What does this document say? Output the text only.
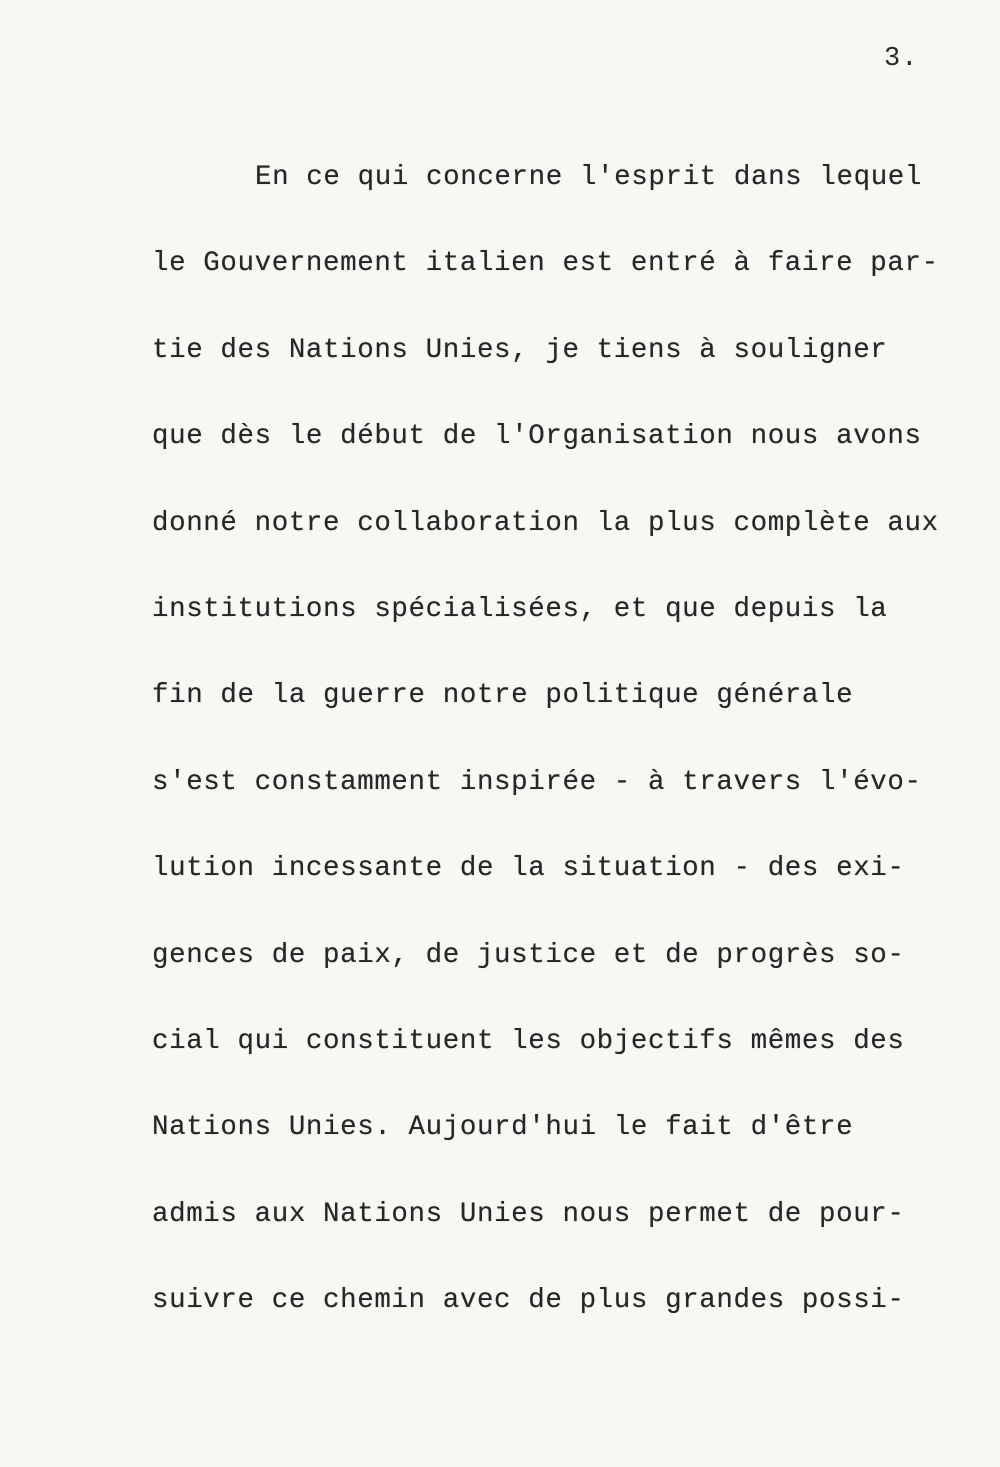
3.
En ce qui concerne l'esprit dans lequel
le Gouvernement italien est entré à faire par-
tie des Nations Unies, je tiens à souligner
que dès le début de l'Organisation nous avons
donné notre collaboration la plus complète aux
institutions spécialisées, et que depuis la
fin de la guerre notre politique générale
s'est constamment inspirée - à travers l'évo-
lution incessante de la situation - des exi-
gences de paix, de justice et de progrès so-
cial qui constituent les objectifs mêmes des
Nations Unies. Aujourd'hui le fait d'être
admis aux Nations Unies nous permet de pour-
suivre ce chemin avec de plus grandes possi-
